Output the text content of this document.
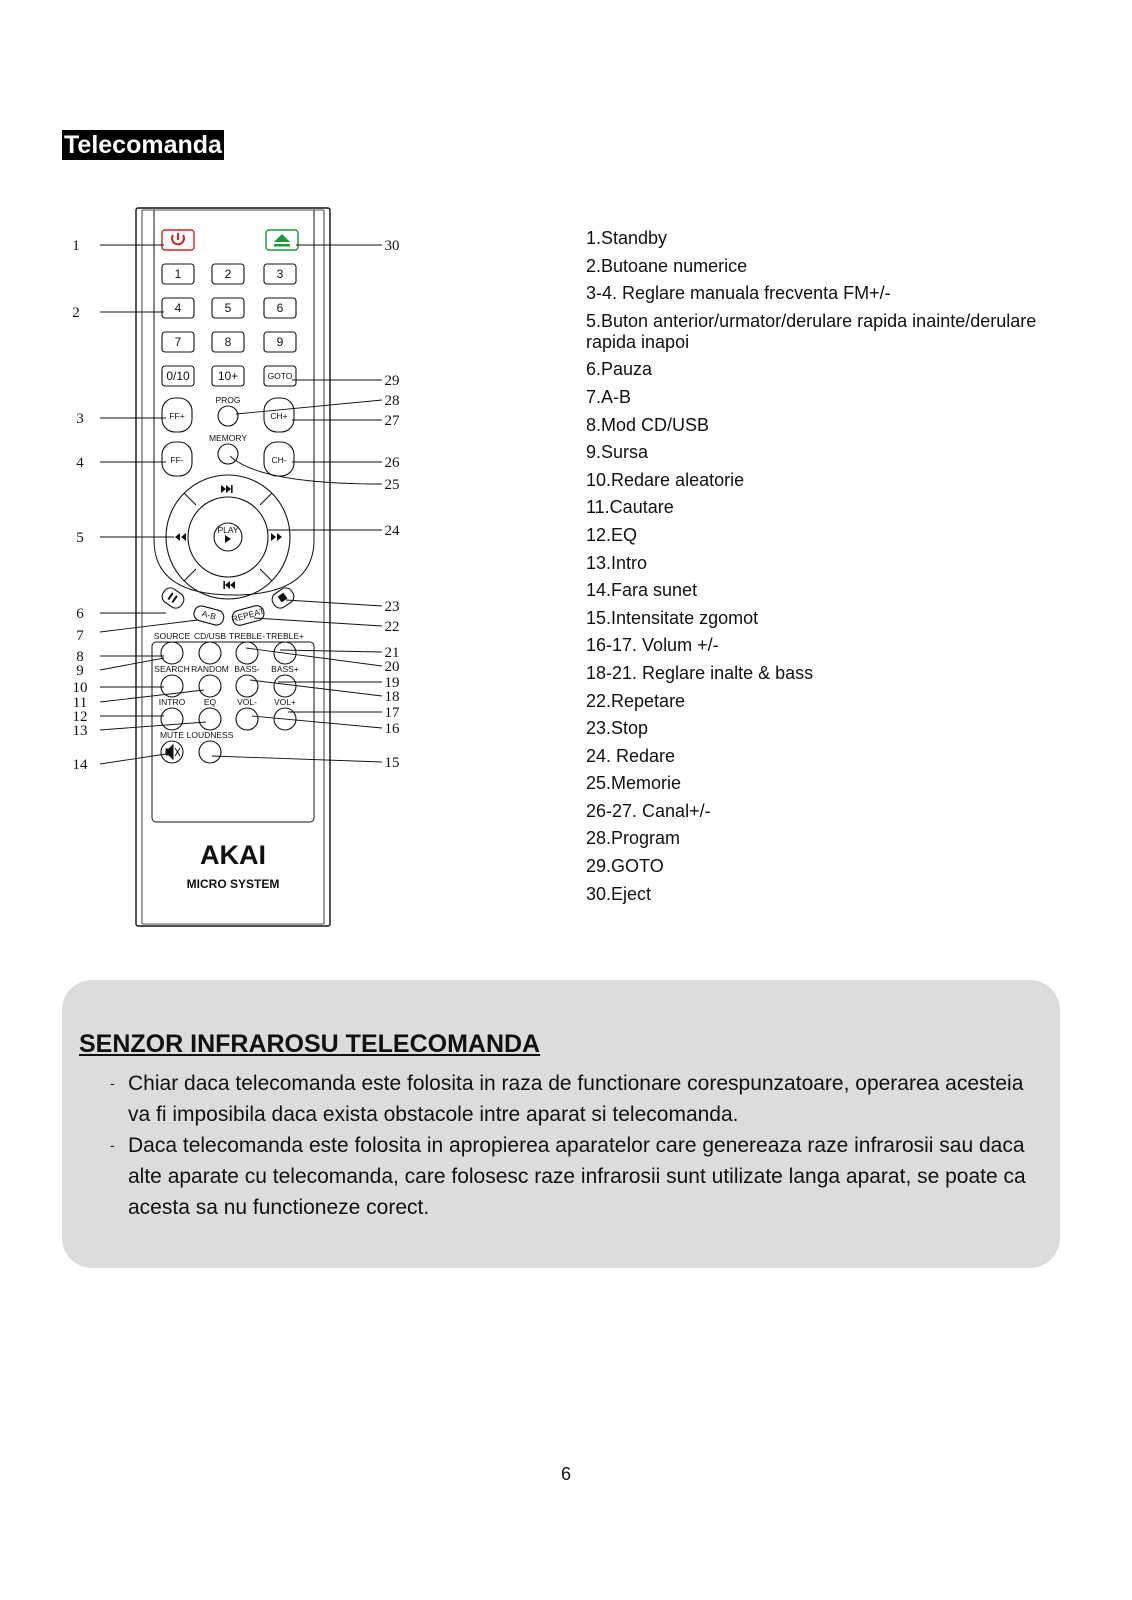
Telecomanda
1	2	3
4	5	6
7	8	9
0/10 10+	GOTO
FF+
FF-
CH+
CH-
PROG
MEMORY
PLAY
A-B REPEAT
SOURCE CD/USB TREBLE- TREBLE+
SEARCH RANDOM BASS- BASS+
INTRO EQ VOL- VOL+
MUTE LOUDNESS
AKAI
MICRO SYSTEM
1
2
3
4
5
6
7
8
9
10
11
12
13
14
30
29
28
27
26
25
24
23
22
21
20
19
18
17
16
15
1.Standby
2.Butoane numerice
3-4. Reglare manuala frecventa FM+/-
5.Buton anterior/urmator/derulare rapida inainte/derulare rapida inapoi
6.Pauza
7.A-B
8.Mod CD/USB
9.Sursa
10.Redare aleatorie
11.Cautare
12.EQ
13.Intro
14.Fara sunet
15.Intensitate zgomot
16-17. Volum +/-
18-21. Reglare inalte & bass
22.Repetare
23.Stop
24. Redare
25.Memorie
26-27. Canal+/-
28.Program
29.GOTO
30.Eject
SENZOR INFRAROSU TELECOMANDA

- Chiar daca telecomanda este folosita in raza de functionare corespunzatoare, operarea acesteia va fi imposibila daca exista obstacole intre aparat si telecomanda.

- Daca telecomanda este folosita in apropierea aparatelor care genereaza raze infrarosii sau daca alte aparate cu telecomanda, care folosesc raze infrarosii sunt utilizate langa aparat, se poate ca acesta sa nu functioneze corect.

6
